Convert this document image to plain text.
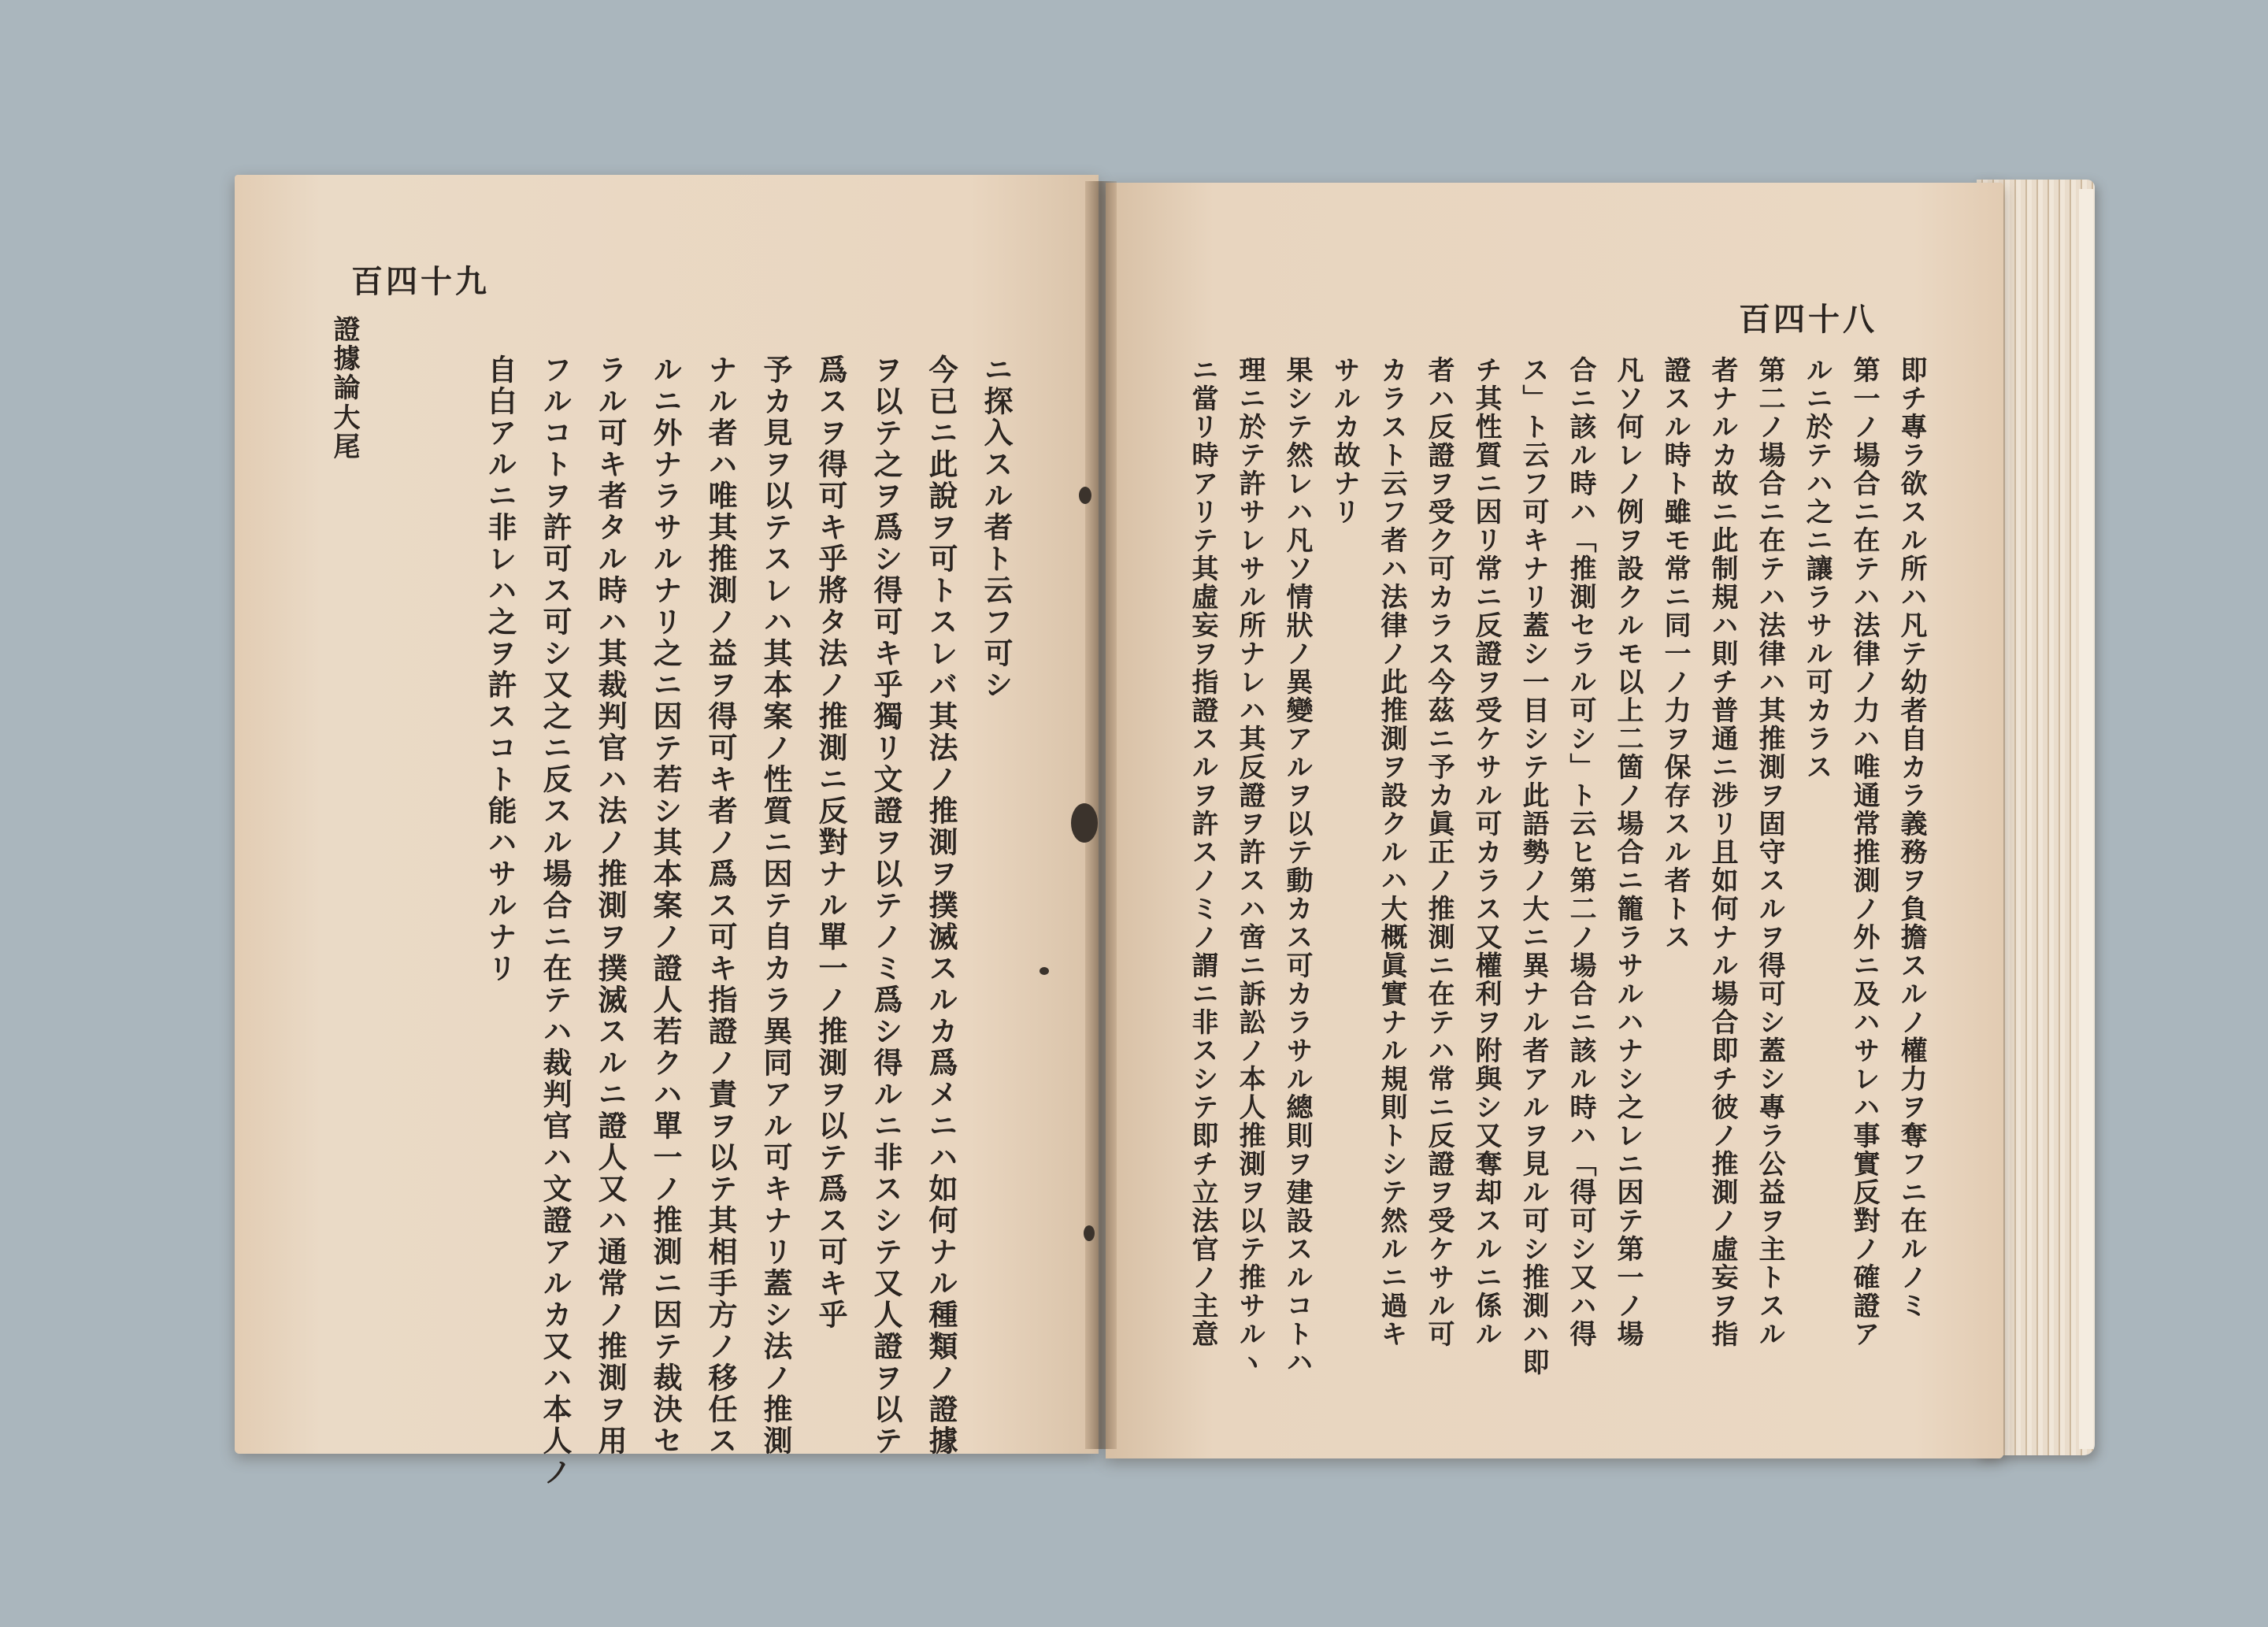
百四十九
證據論
大尾	ニ探入スル者ト云フ可シ
今已ニ此說ヲ可トスレバ其法ノ推測ヲ撲滅スルカ爲メニハ如何ナル種類ノ證據
ヲ以テ之ヲ爲シ得可キ乎獨リ文證ヲ以テノミ爲シ得ルニ非スシテ又人證ヲ以テ
爲スヲ得可キ乎將タ法ノ推測ニ反對ナル單一ノ推測ヲ以テ爲ス可キ乎
予カ見ヲ以テスレハ其本案ノ性質ニ因テ自カラ異同アル可キナリ蓋シ法ノ推測
ナル者ハ唯其推測ノ益ヲ得可キ者ノ爲ス可キ指證ノ責ヲ以テ其相手方ノ移任ス
ルニ外ナラサルナリ之ニ因テ若シ其本案ノ證人若クハ單一ノ推測ニ因テ裁決セ
ラル可キ者タル時ハ其裁判官ハ法ノ推測ヲ撲滅スルニ證人又ハ通常ノ推測ヲ用
フルコトヲ許可ス可シ又之ニ反スル場合ニ在テハ裁判官ハ文證アルカ又ハ本人ノ
自白アルニ非レハ之ヲ許スコト能ハサルナリ
百四十八
即チ專ラ欲スル所ハ凡テ幼者自カラ義務ヲ負擔スルノ權力ヲ奪フニ在ルノミ
第一ノ場合ニ在テハ法律ノ力ハ唯通常推測ノ外ニ及ハサレハ事實反對ノ確證ア
ルニ於テハ之ニ讓ラサル可カラス
第二ノ場合ニ在テハ法律ハ其推測ヲ固守スルヲ得可シ蓋シ專ラ公益ヲ主トスル
者ナルカ故ニ此制規ハ則チ普通ニ涉リ且如何ナル場合即チ彼ノ推測ノ虛妄ヲ指
證スル時ト雖モ常ニ同一ノ力ヲ保存スル者トス
凡ソ何レノ例ヲ設クルモ以上二箇ノ場合ニ籠ラサルハナシ之レニ因テ第一ノ場
合ニ該ル時ハ「推測セラル可シ」ト云ヒ第二ノ場合ニ該ル時ハ「得可シ又ハ得
ス」ト云フ可キナリ蓋シ一目シテ此語勢ノ大ニ異ナル者アルヲ見ル可シ推測ハ即
チ其性質ニ因リ常ニ反證ヲ受ケサル可カラス又權利ヲ附與シ又奪却スルニ係ル
者ハ反證ヲ受ク可カラス今茲ニ予カ眞正ノ推測ニ在テハ常ニ反證ヲ受ケサル可
カラスト云フ者ハ法律ノ此推測ヲ設クルハ大概眞實ナル規則トシテ然ルニ過キ
サルカ故ナリ
果シテ然レハ凡ソ情狀ノ異變アルヲ以テ動カス可カラサル總則ヲ建設スルコトハ
理ニ於テ許サレサル所ナレハ其反證ヲ許スハ啻ニ訴訟ノ本人推測ヲ以テ推サルヽ
ニ當リ時アリテ其虛妄ヲ指證スルヲ許スノミノ謂ニ非スシテ即チ立法官ノ主意
